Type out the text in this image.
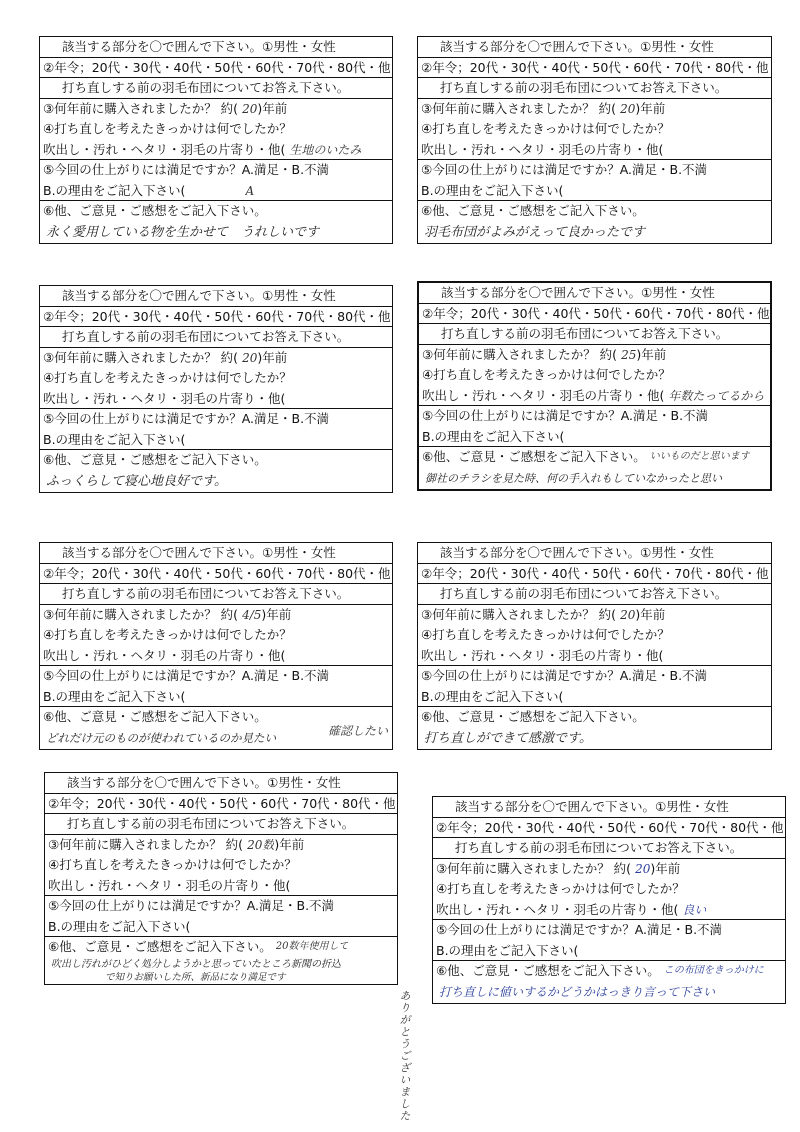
該当する部分を〇で囲んで下さい。①男性・女性
②年令；20代・30代・40代・50代・60代・70代・80代・他
打ち直しする前の羽毛布団についてお答え下さい。
③何年前に購入されましたか？ 約( 20 )年前
④打ち直しを考えたきっかけは何でしたか？
吹出し・汚れ・ヘタリ・羽毛の片寄り・他( 生地のいたみ
⑤今回の仕上がりには満足ですか？A.満足・B.不満
B.の理由をご記入下さい(	A
⑥他、ご意見・ご感想をご記入下さい。
永く愛用している物を生かせて　うれしいです
該当する部分を〇で囲んで下さい。①男性・女性
②年令；20代・30代・40代・50代・60代・70代・80代・他
打ち直しする前の羽毛布団についてお答え下さい。
③何年前に購入されましたか？ 約( 20 )年前
④打ち直しを考えたきっかけは何でしたか？
吹出し・汚れ・ヘタリ・羽毛の片寄り・他(
⑤今回の仕上がりには満足ですか？A.満足・B.不満
B.の理由をご記入下さい(
⑥他、ご意見・ご感想をご記入下さい。
羽毛布団がよみがえって良かったです
該当する部分を〇で囲んで下さい。①男性・女性
②年令；20代・30代・40代・50代・60代・70代・80代・他
打ち直しする前の羽毛布団についてお答え下さい。
③何年前に購入されましたか？ 約( 20 )年前
④打ち直しを考えたきっかけは何でしたか？
吹出し・汚れ・ヘタリ・羽毛の片寄り・他(
⑤今回の仕上がりには満足ですか？A.満足・B.不満
B.の理由をご記入下さい(
⑥他、ご意見・ご感想をご記入下さい。
ふっくらして寝心地良好です。
該当する部分を〇で囲んで下さい。①男性・女性
②年令；20代・30代・40代・50代・60代・70代・80代・他
打ち直しする前の羽毛布団についてお答え下さい。
③何年前に購入されましたか？ 約( 25 )年前
④打ち直しを考えたきっかけは何でしたか？
吹出し・汚れ・ヘタリ・羽毛の片寄り・他( 年数たってるから
⑤今回の仕上がりには満足ですか？A.満足・B.不満
B.の理由をご記入下さい(
⑥他、ご意見・ご感想をご記入下さい。 いいものだと思います
御社のチラシを見た時、何の手入れもしていなかったと思い
該当する部分を〇で囲んで下さい。①男性・女性
②年令；20代・30代・40代・50代・60代・70代・80代・他
打ち直しする前の羽毛布団についてお答え下さい。
③何年前に購入されましたか？ 約( 4/5 )年前
④打ち直しを考えたきっかけは何でしたか？
吹出し・汚れ・ヘタリ・羽毛の片寄り・他(
⑤今回の仕上がりには満足ですか？A.満足・B.不満
B.の理由をご記入下さい(
⑥他、ご意見・ご感想をご記入下さい。
どれだけ元のものが使われているのか見たい	確認したい
該当する部分を〇で囲んで下さい。①男性・女性
②年令；20代・30代・40代・50代・60代・70代・80代・他
打ち直しする前の羽毛布団についてお答え下さい。
③何年前に購入されましたか？ 約( 20 )年前
④打ち直しを考えたきっかけは何でしたか？
吹出し・汚れ・ヘタリ・羽毛の片寄り・他(
⑤今回の仕上がりには満足ですか？A.満足・B.不満
B.の理由をご記入下さい(
⑥他、ご意見・ご感想をご記入下さい。
打ち直しができて感激です。
該当する部分を〇で囲んで下さい。①男性・女性
②年令；20代・30代・40代・50代・60代・70代・80代・他
打ち直しする前の羽毛布団についてお答え下さい。
③何年前に購入されましたか？ 約( 20数 )年前
④打ち直しを考えたきっかけは何でしたか？
吹出し・汚れ・ヘタリ・羽毛の片寄り・他(
⑤今回の仕上がりには満足ですか？A.満足・B.不満
B.の理由をご記入下さい(
⑥他、ご意見・ご感想をご記入下さい。 20数年使用して
吹出し汚れがひどく処分しようかと思っていたところ新聞の折込
で知りお願いした所、新品になり満足です
ありがとうございました
該当する部分を〇で囲んで下さい。①男性・女性
②年令；20代・30代・40代・50代・60代・70代・80代・他
打ち直しする前の羽毛布団についてお答え下さい。
③何年前に購入されましたか？ 約( 20 )年前
④打ち直しを考えたきっかけは何でしたか？
吹出し・汚れ・ヘタリ・羽毛の片寄り・他( 良い
⑤今回の仕上がりには満足ですか？A.満足・B.不満
B.の理由をご記入下さい(
⑥他、ご意見・ご感想をご記入下さい。 この布団をきっかけに
打ち直しに値いするかどうかはっきり言って下さい
